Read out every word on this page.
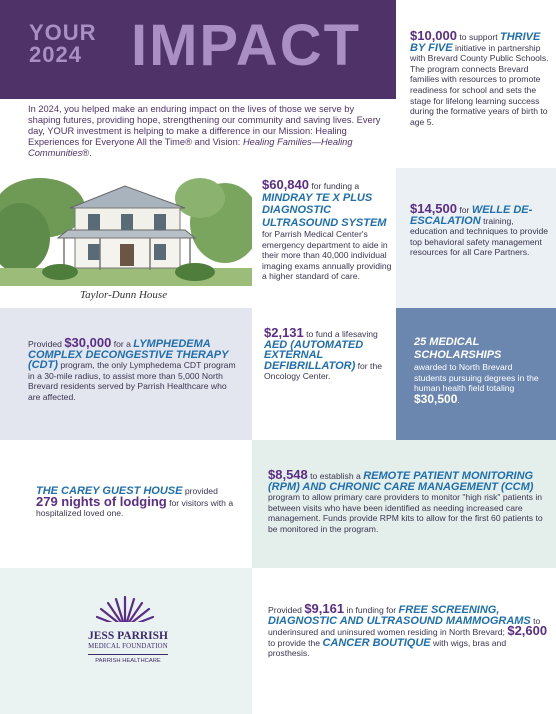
YOUR
2024 IMPACT
In 2024, you helped make an enduring impact on the lives of those we serve by shaping futures, providing hope, strengthening our community and saving lives. Every day, YOUR investment is helping to make a difference in our Mission: Healing Experiences for Everyone All the Time® and Vision: Healing Families—Healing Communities®.
$10,000 to support THRIVE BY FIVE initiative in partnership with Brevard County Public Schools. The program connects Brevard families with resources to promote readiness for school and sets the stage for lifelong learning success during the formative years of birth to age 5.
Taylor-Dunn House
$60,840 for funding a
MINDRAY TE X PLUS DIAGNOSTIC ULTRASOUND SYSTEM
for Parrish Medical Center's emergency department to aide in their more than 40,000 individual imaging exams annually providing a higher standard of care.
$14,500 for WELLE DE-ESCALATION training, education and techniques to provide top behavioral safety management resources for all Care Partners.
Provided $30,000 for a LYMPHEDEMA COMPLEX DECONGESTIVE THERAPY (CDT) program, the only Lymphedema CDT program in a 30-mile radius, to assist more than 5,000 North Brevard residents served by Parrish Healthcare who are affected.
$2,131 to fund a lifesaving AED (AUTOMATED EXTERNAL DEFIBRILLATOR) for the Oncology Center.
25 MEDICAL SCHOLARSHIPS
awarded to North Brevard students pursuing degrees in the human health field totaling $30,500.
THE CAREY GUEST HOUSE provided 279 nights of lodging for visitors with a hospitalized loved one.
$8,548 to establish a REMOTE PATIENT MONITORING (RPM) AND CHRONIC CARE MANAGEMENT (CCM) program to allow primary care providers to monitor "high risk" patients in between visits who have been identified as needing increased care management. Funds provide RPM kits to allow for the first 60 patients to be monitored in the program.
JESS PARRISH
MEDICAL FOUNDATION
PARRISH HEALTHCARE
Provided $9,161 in funding for FREE SCREENING, DIAGNOSTIC AND ULTRASOUND MAMMOGRAMS to underinsured and uninsured women residing in North Brevard; $2,600 to provide the CANCER BOUTIQUE with wigs, bras and prosthesis.
